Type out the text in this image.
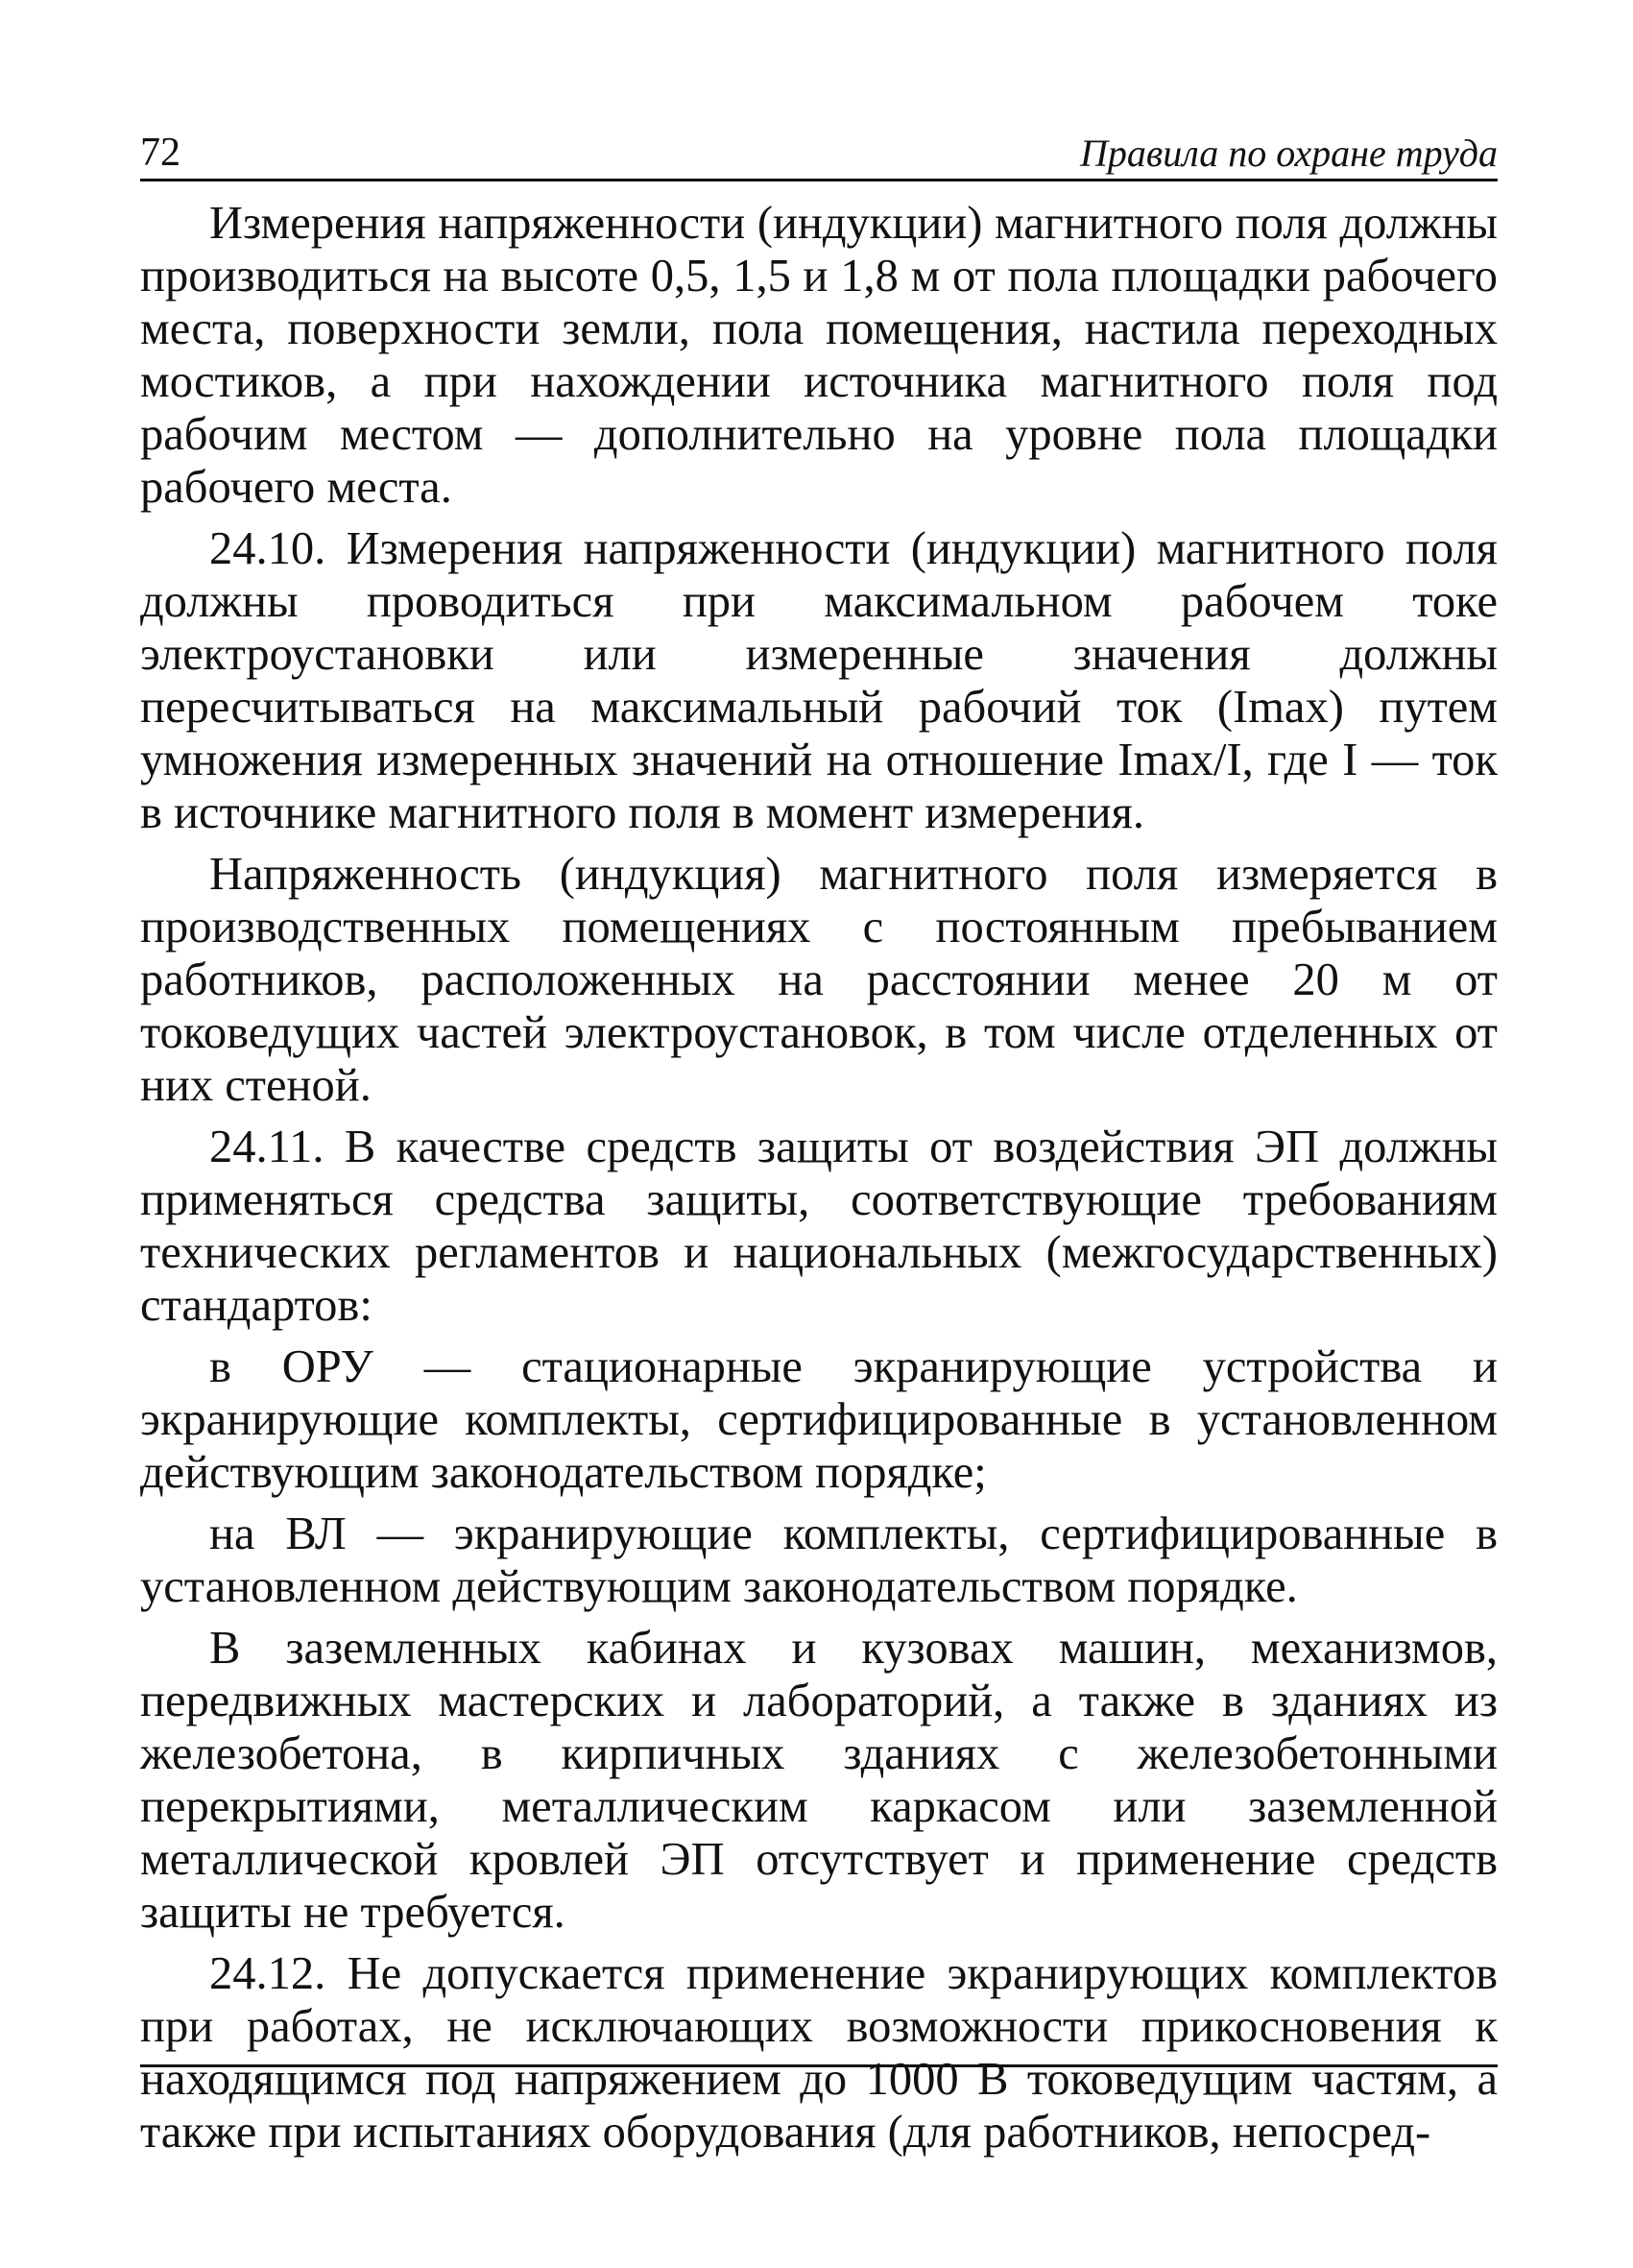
72	Правила по охране труда

Измерения напряженности (индукции) магнитного поля должны производиться на высоте 0,5, 1,5 и 1,8 м от пола площадки рабочего места, поверхности земли, пола помещения, настила переходных мостиков, а при нахождении источника магнитного поля под рабочим местом — дополнительно на уровне пола площадки рабочего места.

24.10. Измерения напряженности (индукции) магнитного поля должны проводиться при максимальном рабочем токе электроустановки или измеренные значения должны пересчитываться на максимальный рабочий ток (Imax) путем умножения измеренных значений на отношение Imax/I, где I — ток в источнике магнитного поля в момент измерения.

Напряженность (индукция) магнитного поля измеряется в производственных помещениях с постоянным пребыванием работников, расположенных на расстоянии менее 20 м от токоведущих частей электроустановок, в том числе отделенных от них стеной.

24.11. В качестве средств защиты от воздействия ЭП должны применяться средства защиты, соответствующие требованиям технических регламентов и национальных (межгосударственных) стандартов:

в ОРУ — стационарные экранирующие устройства и экранирующие комплекты, сертифицированные в установленном действующим законодательством порядке;

на ВЛ — экранирующие комплекты, сертифицированные в установленном действующим законодательством порядке.

В заземленных кабинах и кузовах машин, механизмов, передвижных мастерских и лабораторий, а также в зданиях из железобетона, в кирпичных зданиях с железобетонными перекрытиями, металлическим каркасом или заземленной металлической кровлей ЭП отсутствует и применение средств защиты не требуется.

24.12. Не допускается применение экранирующих комплектов при работах, не исключающих возможности прикосновения к находящимся под напряжением до 1000 В токоведущим частям, а также при испытаниях оборудования (для работников, непосред-
